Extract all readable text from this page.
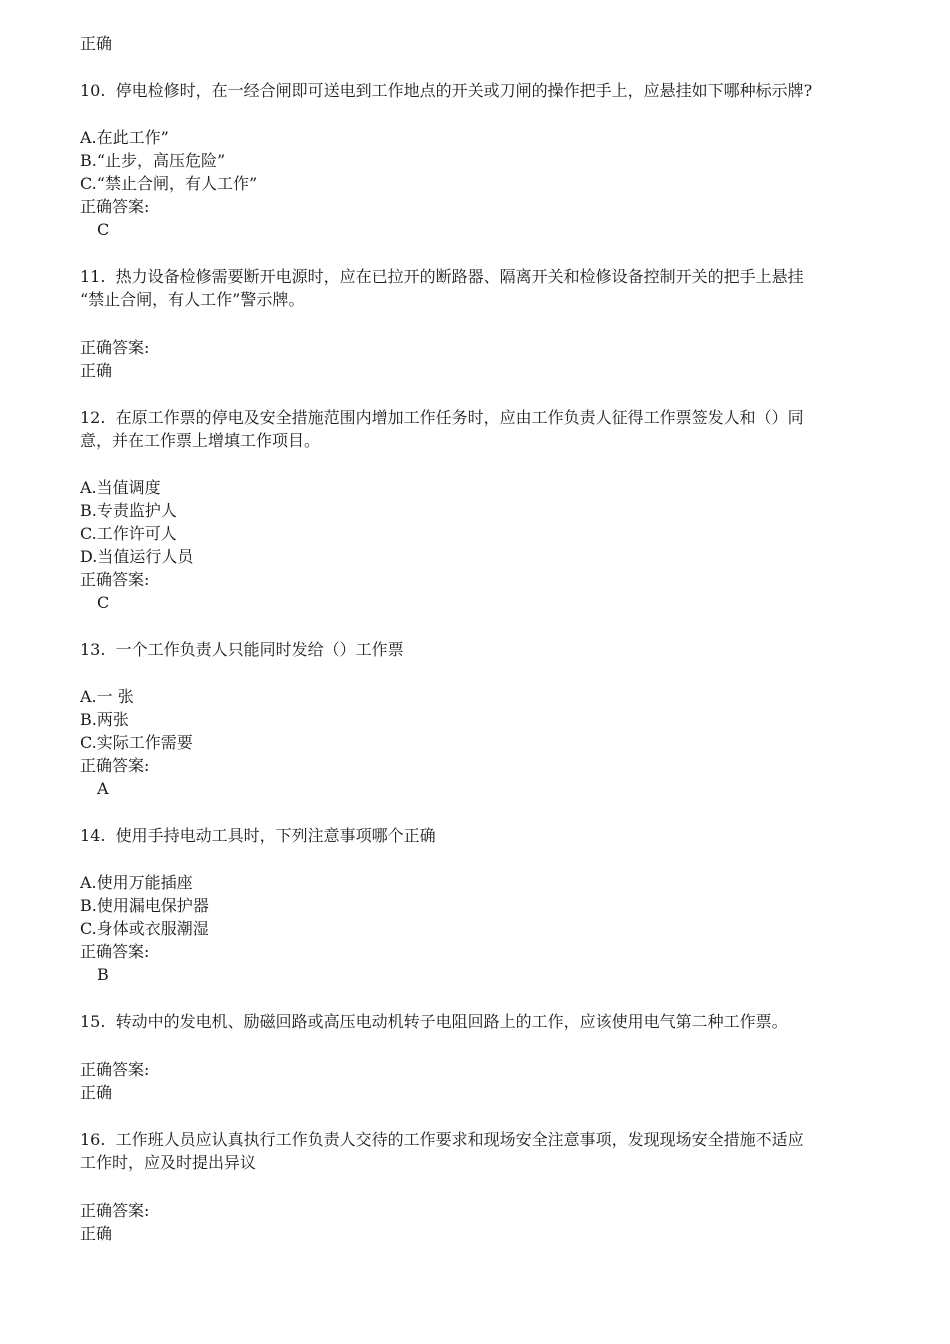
正确
10. 停电检修时，在一经合闸即可送电到工作地点的开关或刀闸的操作把手上，应悬挂如下哪种标示牌?
A.在此工作”
B.“止步，高压危险”
C.“禁止合闸，有人工作”
正确答案:
C
11. 热力设备检修需要断开电源时，应在已拉开的断路器、隔离开关和检修设备控制开关的把手上悬挂
“禁止合闸，有人工作”警示牌。
正确答案:
正确
12. 在原工作票的停电及安全措施范围内增加工作任务时，应由工作负责人征得工作票签发人和（）同
意，并在工作票上增填工作项目。
A.当值调度
B.专责监护人
C.工作许可人
D.当值运行人员
正确答案:
C
13. 一个工作负责人只能同时发给（）工作票
A.一 张
B.两张
C.实际工作需要
正确答案:
A
14. 使用手持电动工具时，下列注意事项哪个正确
A.使用万能插座
B.使用漏电保护器
C.身体或衣服潮湿
正确答案:
B
15. 转动中的发电机、励磁回路或高压电动机转子电阻回路上的工作，应该使用电气第二种工作票。
正确答案:
正确
16. 工作班人员应认真执行工作负责人交待的工作要求和现场安全注意事项，发现现场安全措施不适应
工作时，应及时提出异议
正确答案:
正确
